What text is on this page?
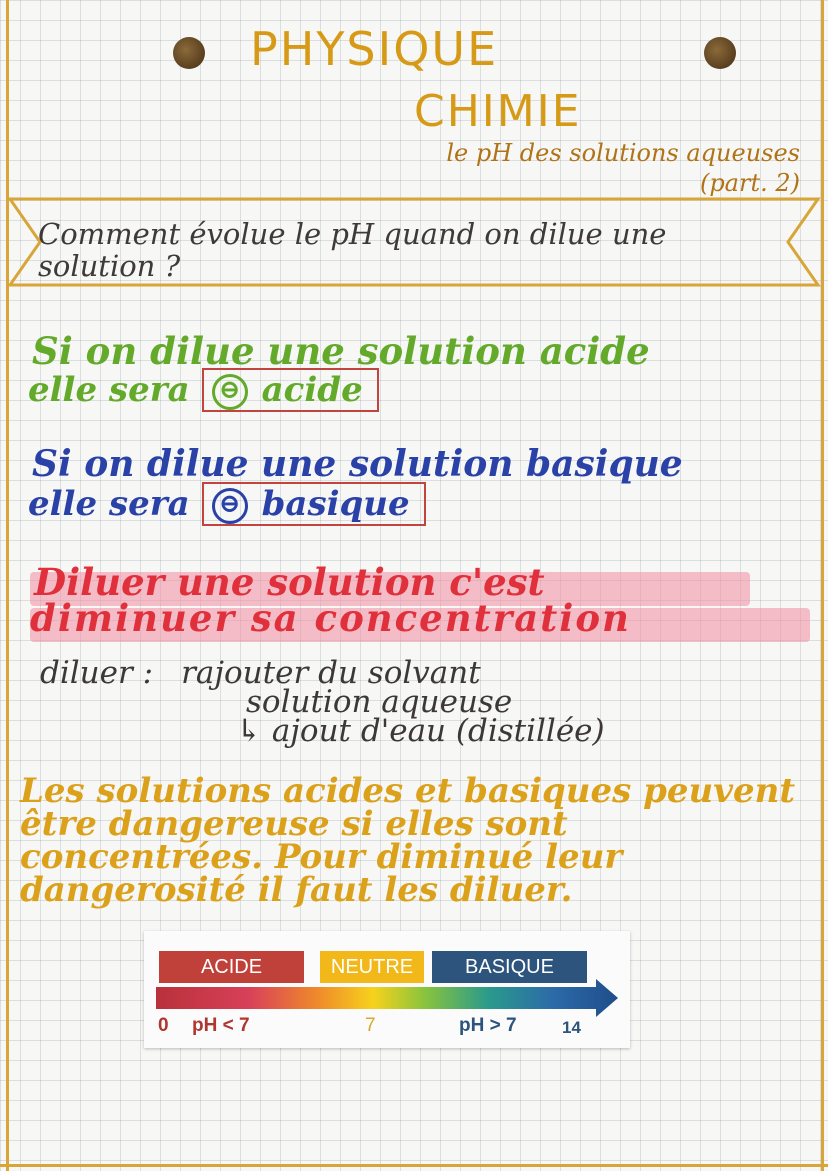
PHYSIQUE
CHIMIE
le pH des solutions aqueuses (part. 2)
Comment évolue le pH quand on dilue une solution ?
Si on dilue une solution acide
elle sera ⊖ acide
Si on dilue une solution basique
elle sera ⊖ basique
Diluer une solution c'est
diminuer sa concentration
diluer : rajouter du solvant
solution aqueuse
↳ ajout d'eau (distillée)
Les solutions acides et basiques peuvent être dangereuse si elles sont concentrées. Pour diminué leur dangerosité il faut les diluer.
ACIDE	NEUTRE	BASIQUE
0 pH < 7	7	pH > 7	14
